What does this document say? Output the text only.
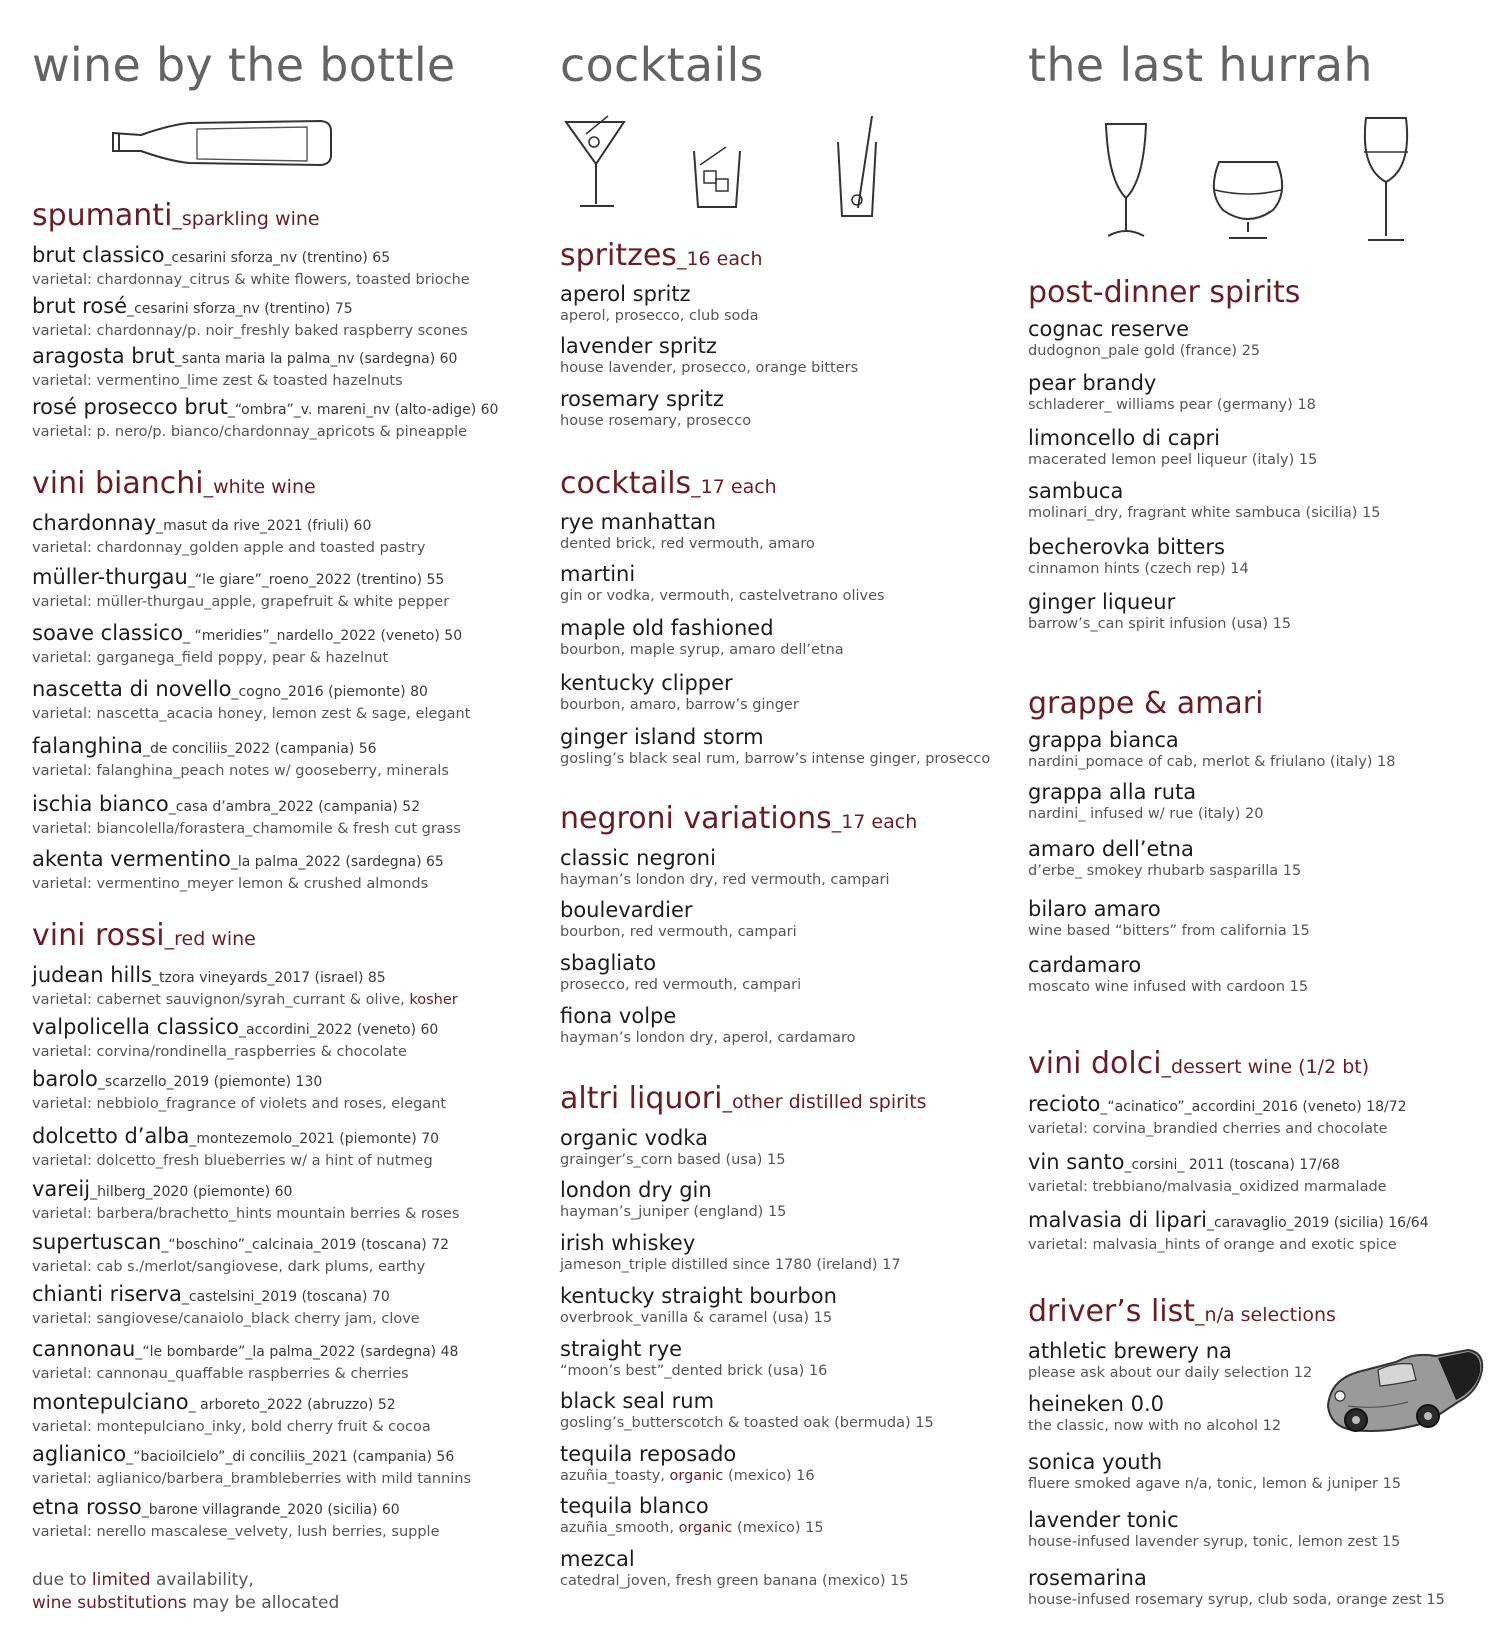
wine by the bottle
spumanti_sparkling wine
brut classico_cesarini sforza_nv (trentino) 65
varietal: chardonnay_citrus & white flowers, toasted brioche
brut rosé_cesarini sforza_nv (trentino) 75
varietal: chardonnay/p. noir_freshly baked raspberry scones
aragosta brut_santa maria la palma_nv (sardegna) 60
varietal: vermentino_lime zest & toasted hazelnuts
rosé prosecco brut_“ombra”_v. mareni_nv (alto-adige) 60
varietal: p. nero/p. bianco/chardonnay_apricots & pineapple
vini bianchi_white wine
chardonnay_masut da rive_2021 (friuli) 60
varietal: chardonnay_golden apple and toasted pastry
müller-thurgau_“le giare”_roeno_2022 (trentino) 55
varietal: müller-thurgau_apple, grapefruit & white pepper
soave classico_ “meridies”_nardello_2022 (veneto) 50
varietal: garganega_field poppy, pear & hazelnut
nascetta di novello_cogno_2016 (piemonte) 80
varietal: nascetta_acacia honey, lemon zest & sage, elegant
falanghina_de conciliis_2022 (campania) 56
varietal: falanghina_peach notes w/ gooseberry, minerals
ischia bianco_casa d’ambra_2022 (campania) 52
varietal: biancolella/forastera_chamomile & fresh cut grass
akenta vermentino_la palma_2022 (sardegna) 65
varietal: vermentino_meyer lemon & crushed almonds
vini rossi_red wine
judean hills_tzora vineyards_2017 (israel) 85
varietal: cabernet sauvignon/syrah_currant & olive, kosher
valpolicella classico_accordini_2022 (veneto) 60
varietal: corvina/rondinella_raspberries & chocolate
barolo_scarzello_2019 (piemonte) 130
varietal: nebbiolo_fragrance of violets and roses, elegant
dolcetto d’alba_montezemolo_2021 (piemonte) 70
varietal: dolcetto_fresh blueberries w/ a hint of nutmeg
vareij_hilberg_2020 (piemonte) 60
varietal: barbera/brachetto_hints mountain berries & roses
supertuscan_“boschino”_calcinaia_2019 (toscana) 72
varietal: cab s./merlot/sangiovese, dark plums, earthy
chianti riserva_castelsini_2019 (toscana) 70
varietal: sangiovese/canaiolo_black cherry jam, clove
cannonau_“le bombarde”_la palma_2022 (sardegna) 48
varietal: cannonau_quaffable raspberries & cherries
montepulciano_ arboreto_2022 (abruzzo) 52
varietal: montepulciano_inky, bold cherry fruit & cocoa
aglianico_“bacioilcielo”_di conciliis_2021 (campania) 56
varietal: aglianico/barbera_brambleberries with mild tannins
etna rosso_barone villagrande_2020 (sicilia) 60
varietal: nerello mascalese_velvety, lush berries, supple
due to limited availability,
wine substitutions may be allocated
cocktails
spritzes_16 each
aperol spritz
aperol, prosecco, club soda
lavender spritz
house lavender, prosecco, orange bitters
rosemary spritz
house rosemary, prosecco
cocktails_17 each
rye manhattan
dented brick, red vermouth, amaro
martini
gin or vodka, vermouth, castelvetrano olives
maple old fashioned
bourbon, maple syrup, amaro dell’etna
kentucky clipper
bourbon, amaro, barrow’s ginger
ginger island storm
gosling’s black seal rum, barrow’s intense ginger, prosecco
negroni variations_17 each
classic negroni
hayman’s london dry, red vermouth, campari
boulevardier
bourbon, red vermouth, campari
sbagliato
prosecco, red vermouth, campari
fiona volpe
hayman’s london dry, aperol, cardamaro
altri liquori_other distilled spirits
organic vodka
grainger’s_corn based (usa) 15
london dry gin
hayman’s_juniper (england) 15
irish whiskey
jameson_triple distilled since 1780 (ireland) 17
kentucky straight bourbon
overbrook_vanilla & caramel (usa) 15
straight rye
“moon’s best”_dented brick (usa) 16
black seal rum
gosling’s_butterscotch & toasted oak (bermuda) 15
tequila reposado
azuñia_toasty, organic (mexico) 16
tequila blanco
azuñia_smooth, organic (mexico) 15
mezcal
catedral_joven, fresh green banana (mexico) 15
the last hurrah
post-dinner spirits
cognac reserve
dudognon_pale gold (france) 25
pear brandy
schladerer_ williams pear (germany) 18
limoncello di capri
macerated lemon peel liqueur (italy) 15
sambuca
molinari_dry, fragrant white sambuca (sicilia) 15
becherovka bitters
cinnamon hints (czech rep) 14
ginger liqueur
barrow’s_can spirit infusion (usa) 15
grappe & amari
grappa bianca
nardini_pomace of cab, merlot & friulano (italy) 18
grappa alla ruta
nardini_ infused w/ rue (italy) 20
amaro dell’etna
d’erbe_ smokey rhubarb sasparilla 15
bilaro amaro
wine based “bitters” from california 15
cardamaro
moscato wine infused with cardoon 15
vini dolci_dessert wine (1/2 bt)
recioto_“acinatico”_accordini_2016 (veneto) 18/72
varietal: corvina_brandied cherries and chocolate
vin santo_corsini_ 2011 (toscana) 17/68
varietal: trebbiano/malvasia_oxidized marmalade
malvasia di lipari_caravaglio_2019 (sicilia) 16/64
varietal: malvasia_hints of orange and exotic spice
driver’s list_n/a selections
athletic brewery na
please ask about our daily selection 12
heineken 0.0
the classic, now with no alcohol 12
sonica youth
fluere smoked agave n/a, tonic, lemon & juniper 15
lavender tonic
house-infused lavender syrup, tonic, lemon zest 15
rosemarina
house-infused rosemary syrup, club soda, orange zest 15
